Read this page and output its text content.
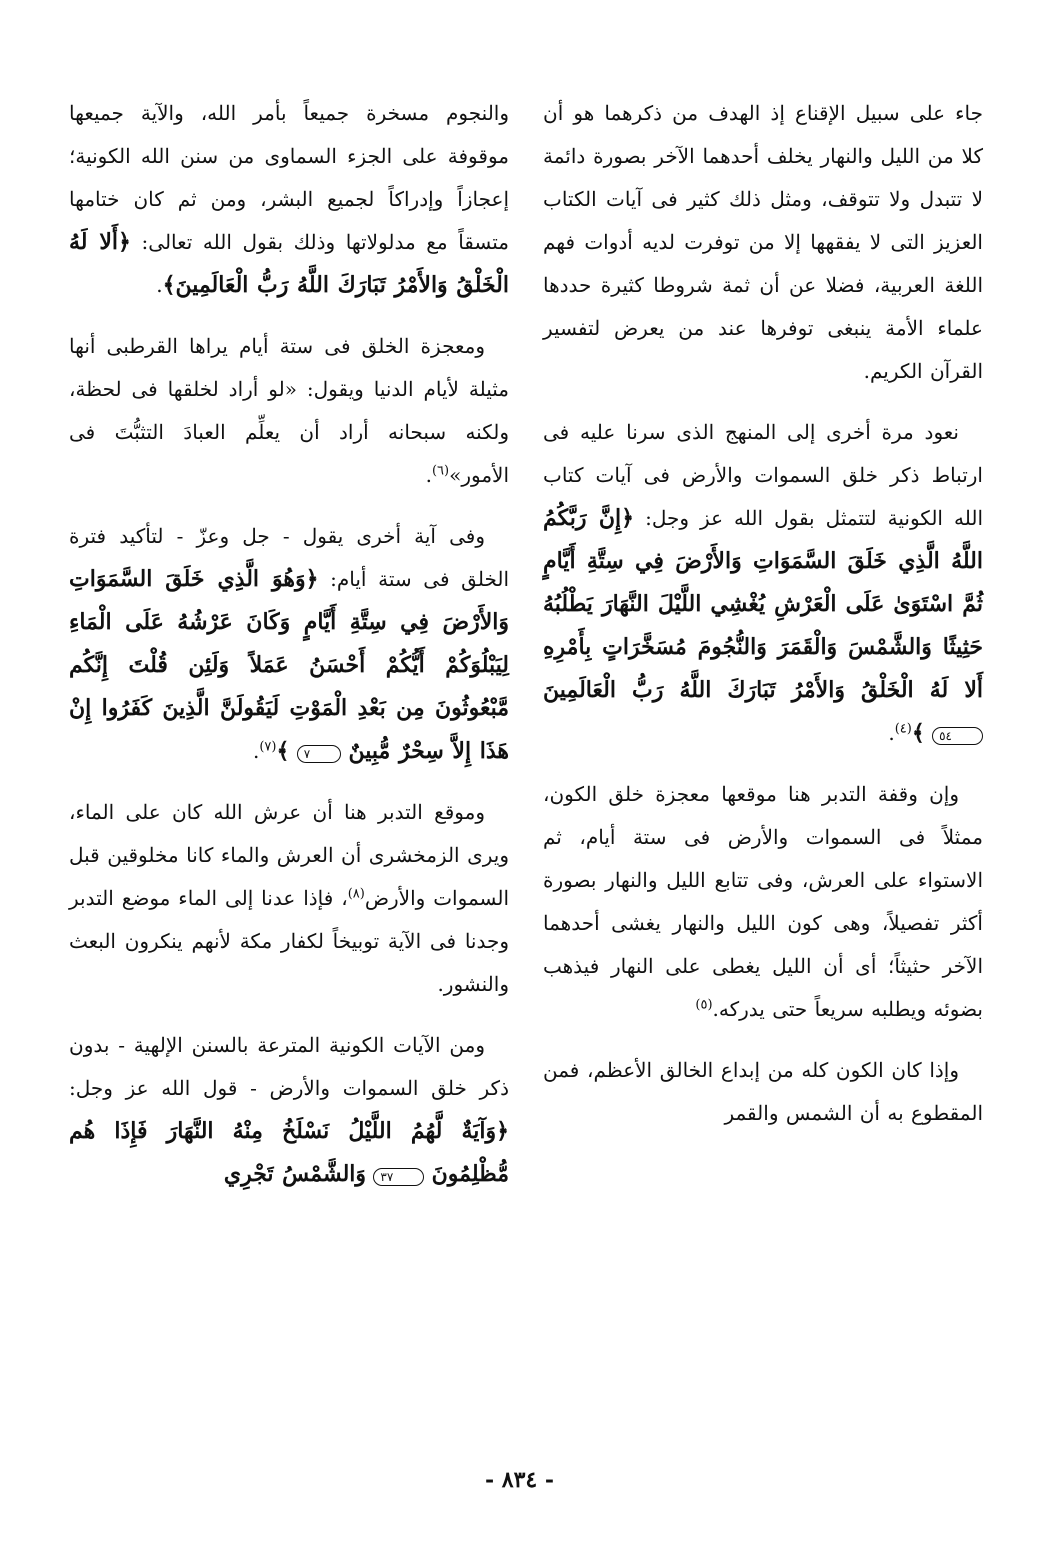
جاء على سبيل الإقناع إذ الهدف من ذكرهما هو أن كلا من الليل والنهار يخلف أحدهما الآخر بصورة دائمة لا تتبدل ولا تتوقف، ومثل ذلك كثير فى آيات الكتاب العزيز التى لا يفقهها إلا من توفرت لديه أدوات فهم اللغة العربية، فضلا عن أن ثمة شروطا كثيرة حددها علماء الأمة ينبغى توفرها عند من يعرض لتفسير القرآن الكريم.

نعود مرة أخرى إلى المنهج الذى سرنا عليه فى ارتباط ذكر خلق السموات والأرض فى آيات كتاب الله الكونية لتتمثل بقول الله عز وجل: ﴿إِنَّ رَبَّكُمُ اللَّهُ الَّذِي خَلَقَ السَّمَوَاتِ وَالأَرْضَ فِي سِتَّةِ أَيَّامٍ ثُمَّ اسْتَوَىٰ عَلَى الْعَرْشِ يُغْشِي اللَّيْلَ النَّهَارَ يَطْلُبُهُ حَثِيثًا وَالشَّمْسَ وَالْقَمَرَ وَالنُّجُومَ مُسَخَّرَاتٍ بِأَمْرِهِ أَلا لَهُ الْخَلْقُ وَالأَمْرُ تَبَارَكَ اللَّهُ رَبُّ الْعَالَمِينَ ٥٤ ﴾$^{(٤)}$.

وإن وقفة التدبر هنا موقعها معجزة خلق الكون، ممثلاً فى السموات والأرض فى ستة أيام، ثم الاستواء على العرش، وفى تتابع الليل والنهار بصورة أكثر تفصيلاً، وهى كون الليل والنهار يغشى أحدهما الآخر حثيثاً؛ أى أن الليل يغطى على النهار فيذهب بضوئه ويطلبه سريعاً حتى يدركه.$^{(٥)}$

وإذا كان الكون كله من إبداع الخالق الأعظم، فمن المقطوع به أن الشمس والقمر

والنجوم مسخرة جميعاً بأمر الله، والآية جميعها موقوفة على الجزء السماوى من سنن الله الكونية؛ إعجازاً وإدراكاً لجميع البشر، ومن ثم كان ختامها متسقاً مع مدلولاتها وذلك بقول الله تعالى: ﴿أَلا لَهُ الْخَلْقُ وَالأَمْرُ تَبَارَكَ اللَّهُ رَبُّ الْعَالَمِينَ﴾.

ومعجزة الخلق فى ستة أيام يراها القرطبى أنها مثيلة لأيام الدنيا ويقول: «لو أراد لخلقها فى لحظة، ولكنه سبحانه أراد أن يعلِّم العبادَ التثبُّتَ فى الأمور»$^{(٦)}$.

وفى آية أخرى يقول - جل وعزّ - لتأكيد فترة الخلق فى ستة أيام: ﴿وَهُوَ الَّذِي خَلَقَ السَّمَوَاتِ وَالأَرْضَ فِي سِتَّةِ أَيَّامٍ وَكَانَ عَرْشُهُ عَلَى الْمَاءِ لِيَبْلُوَكُمْ أَيُّكُمْ أَحْسَنُ عَمَلاً وَلَئِن قُلْتَ إِنَّكُم مَّبْعُوثُونَ مِن بَعْدِ الْمَوْتِ لَيَقُولَنَّ الَّذِينَ كَفَرُوا إِنْ هَذَا إِلاَّ سِحْرٌ مُّبِينٌ ٧ ﴾$^{(٧)}$.

وموقع التدبر هنا أن عرش الله كان على الماء، ويرى الزمخشرى أن العرش والماء كانا مخلوقين قبل السموات والأرض$^{(٨)}$، فإذا عدنا إلى الماء موضع التدبر وجدنا فى الآية توبيخاً لكفار مكة لأنهم ينكرون البعث والنشور.

ومن الآيات الكونية المترعة بالسنن الإلهية - بدون ذكر خلق السموات والأرض - قول الله عز وجل: ﴿وَآيَةٌ لَّهُمُ اللَّيْلُ نَسْلَخُ مِنْهُ النَّهَارَ فَإِذَا هُم مُّظْلِمُونَ ٣٧ وَالشَّمْسُ تَجْرِي

- ٨٣٤ -
